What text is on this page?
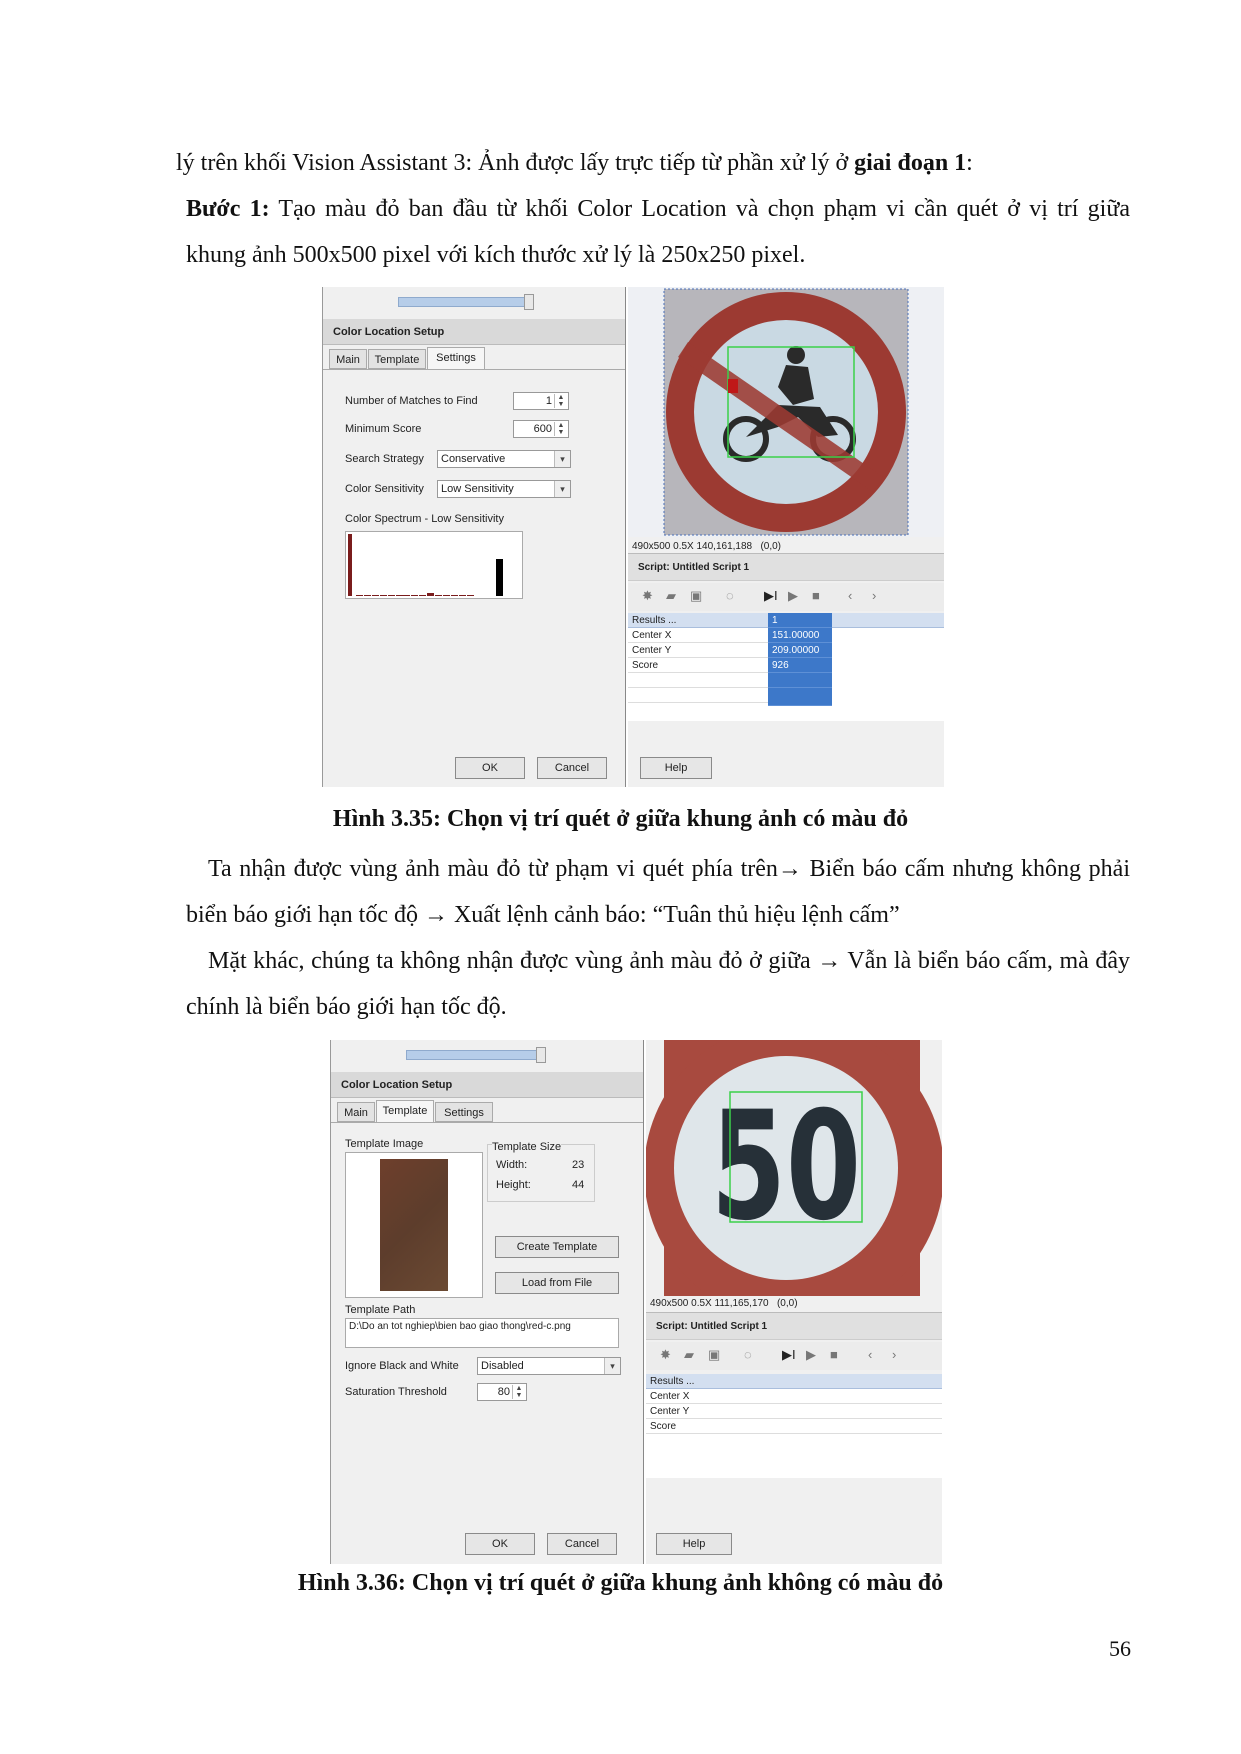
lý trên khối Vision Assistant 3: Ảnh được lấy trực tiếp từ phần xử lý ở giai đoạn 1:
Bước 1: Tạo màu đỏ ban đầu từ khối Color Location và chọn phạm vi cần quét ở vị trí giữa khung ảnh 500x500 pixel với kích thước xử lý là 250x250 pixel.
Color Location Setup
Main	Template	Settings
Number of Matches to Find	1 ▲
▼
Minimum Score	600 ▲
▼
Search Strategy	Conservative	▾
Color Sensitivity	Low Sensitivity	▾
Color Spectrum - Low Sensitivity
OK	Cancel
490x500 0.5X 140,161,188 (0,0)
Script: Untitled Script 1
✸ ▰ ▣ ◌ ▶I ▶ ■ ‹ ›
Results ...	1
Center X	151.00000
Center Y	209.00000
Score	926
Help
Hình 3.35: Chọn vị trí quét ở giữa khung ảnh có màu đỏ
Ta nhận được vùng ảnh màu đỏ từ phạm vi quét phía trên→ Biển báo cấm nhưng không phải biển báo giới hạn tốc độ → Xuất lệnh cảnh báo: “Tuân thủ hiệu lệnh cấm”
Mặt khác, chúng ta không nhận được vùng ảnh màu đỏ ở giữa → Vẫn là biển báo cấm, mà đây chính là biển báo giới hạn tốc độ.
Color Location Setup
Main	Template	Settings
Template Image	Template Size
Width:	23
Height:	44
Create Template
Load from File
Template Path
D:\Do an tot nghiep\bien bao giao thong\red-c.png
Ignore Black and White	Disabled	▾
Saturation Threshold	80 ▲
▼
OK	Cancel
50
490x500 0.5X 111,165,170 (0,0)
Script: Untitled Script 1
✸ ▰ ▣ ◌ ▶I ▶ ■ ‹ ›
Results ...
Center X
Center Y
Score
Help
Hình 3.36: Chọn vị trí quét ở giữa khung ảnh không có màu đỏ
56
